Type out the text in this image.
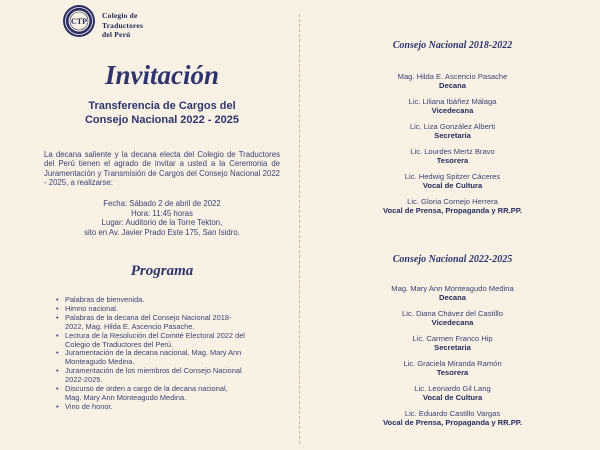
CTP
Colegio de
Traductores
del Perú
Invitación
Transferencia de Cargos del
Consejo Nacional 2022 - 2025
La decana saliente y la decana electa del Colegio de Traductores del Perú tienen el agrado de invitar a usted a la Ceremonia de Juramentación y Transmisión de Cargos del Consejo Nacional 2022 - 2025, a realizarse:
Fecha: Sábado 2 de abril de 2022
Hora: 11:45 horas
Lugar: Auditorio de la Torre Tekton,
sito en Av. Javier Prado Este 175, San Isidro.
Programa
• Palabras de bienvenida.
• Himno nacional.
• Palabras de la decana del Consejo Nacional 2018-2022, Mag. Hilda E. Ascencio Pasache.
• Lectura de la Resolución del Comité Electoral 2022 del Colegio de Traductores del Perú.
• Juramentación de la decana nacional, Mag. Mary Ann Monteagudo Medina.
• Juramentación de los miembros del Consejo Nacional 2022-2025.
• Discurso de orden a cargo de la decana nacional, Mag. Mary Ann Monteagudo Medina.
• Vino de honor.
Consejo Nacional 2018-2022
Mag. Hilda E. Ascencio Pasache
Decana
Lic. Liliana Ibáñez Málaga
Vicedecana
Lic. Liza González Alberti
Secretaria
Lic. Lourdes Mertz Bravo
Tesorera
Lic. Hedwig Spitzer Cáceres
Vocal de Cultura
Lic. Gloria Cornejo Herrera
Vocal de Prensa, Propaganda y RR.PP.
Consejo Nacional 2022-2025
Mag. Mary Ann Monteagudo Medina
Decana
Lic. Diana Chávez del Castillo
Vicedecana
Lic. Carmen Franco Hip
Secretaria
Lic. Graciela Miranda Ramón
Tesorera
Lic. Leonardo Gil Lang
Vocal de Cultura
Lic. Eduardo Castillo Vargas
Vocal de Prensa, Propaganda y RR.PP.
